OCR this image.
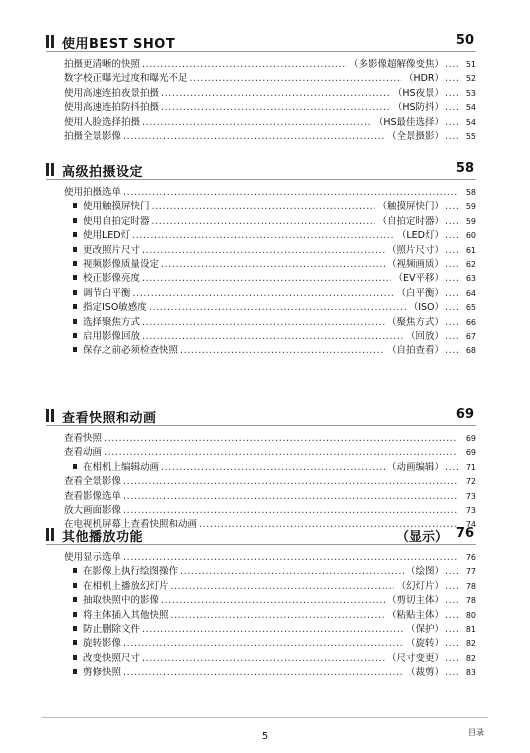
使用BEST SHOT	50
拍摄更清晰的快照 . . .	（多影像超解像变焦） . . .	51
数字校正曝光过度和曝光不足 . . .	（HDR） . . .	52
使用高速连拍夜景拍摄 . . .	（HS夜景） . . .	53
使用高速连拍防抖拍摄 . . .	（HS防抖） . . .	54
使用人脸选择拍摄 . . .	（HS最佳选择） . . .	54
拍摄全景影像 . . .	（全景摄影） . . .	55
高级拍摄设定	58
使用拍摄选单 . . .	58
使用触摸屏快门 . . .	（触摸屏快门） . . .	59
使用自拍定时器 . . .	（自拍定时器） . . .	59
使用LED灯 . . .	（LED灯） . . .	60
更改照片尺寸 . . .	（照片尺寸） . . .	61
视频影像质量设定 . . .	（视频画质） . . .	62
校正影像亮度 . . .	（EV平移） . . .	63
调节白平衡 . . .	（白平衡） . . .	64
指定ISO敏感度 . . .	（ISO） . . .	65
选择聚焦方式 . . .	（聚焦方式） . . .	66
启用影像回放 . . .	（回放） . . .	67
保存之前必须检查快照 . . .	（自拍查看） . . .	68
查看快照和动画	69
查看快照 . . .	69
查看动画 . . .	69
在相机上编辑动画 . . .	（动画编辑） . . .	71
查看全景影像 . . .	72
查看影像选单 . . .	73
放大画面影像 . . .	73
在电视机屏幕上查看快照和动画 . . .	74
其他播放功能	（显示） 76
使用显示选单 . . .	76
在影像上执行绘图操作 . . .	（绘图） . . .	77
在相机上播放幻灯片 . . .	（幻灯片） . . .	78
抽取快照中的影像 . . .	（剪切主体） . . .	78
将主体插入其他快照 . . .	（粘贴主体） . . .	80
防止删除文件 . . .	（保护） . . .	81
旋转影像 . . .	（旋转） . . .	82
改变快照尺寸 . . .	（尺寸变更） . . .	82
剪修快照 . . .	（裁剪） . . .	83
5	目录
